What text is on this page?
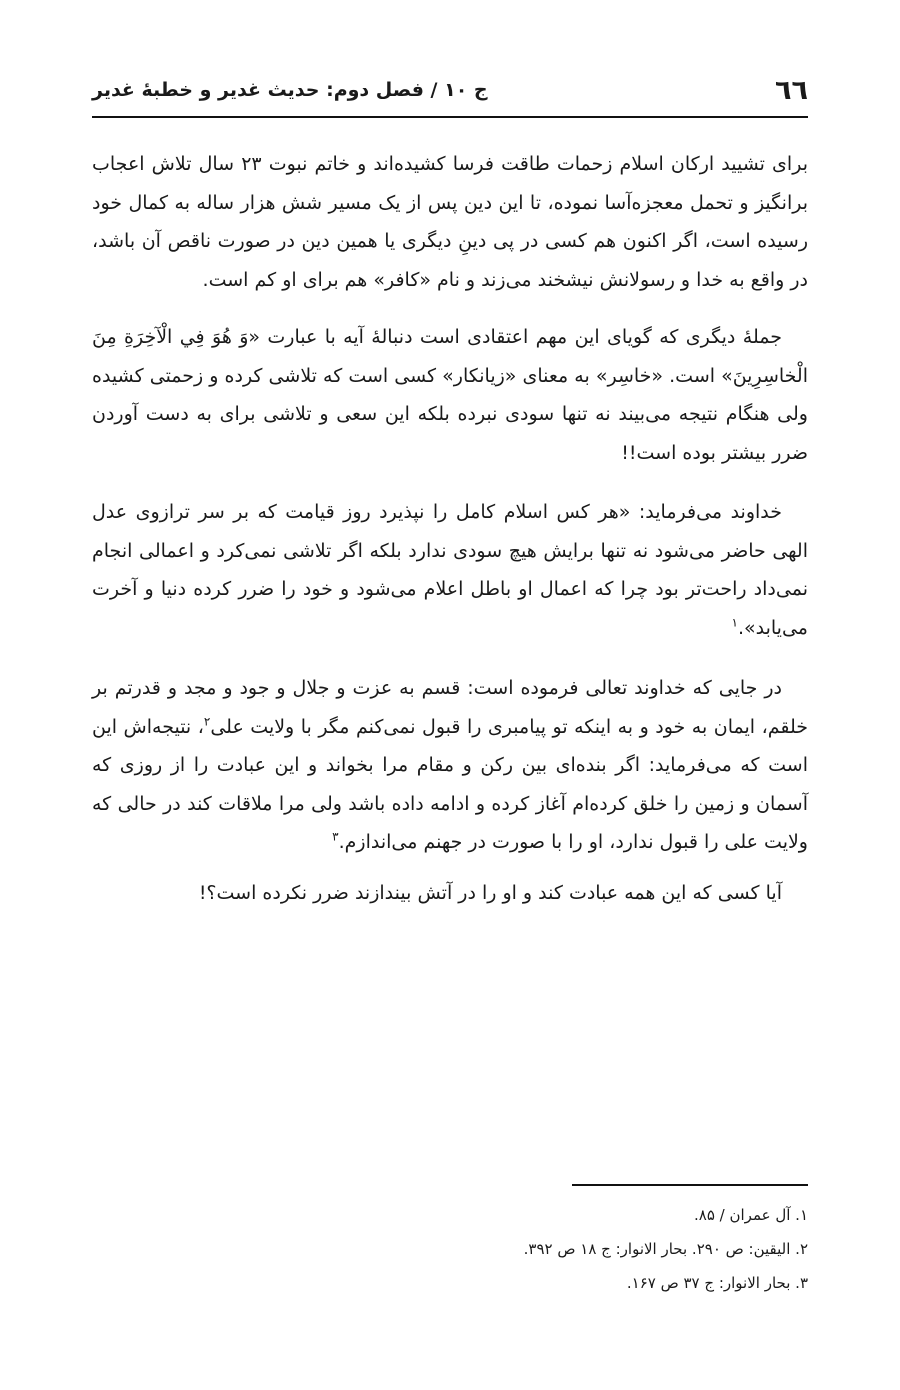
٦٦
ج ۱۰ / فصل دوم: حدیث غدیر و خطبهٔ غدیر

برای تشیید ارکان اسلام زحمات طاقت فرسا کشیده‌اند و خاتم نبوت ۲۳ سال تلاش اعجاب برانگیز و تحمل معجزه‌آسا نموده، تا این دین پس از یک مسیر شش هزار ساله به کمال خود رسیده است، اگر اکنون هم کسی در پی دینِ دیگری یا همین دین در صورت ناقص آن باشد، در واقع به خدا و رسولانش نیشخند می‌زند و نام «کافر» هم برای او کم است.

جملهٔ دیگری که گویای این مهم اعتقادی است دنبالهٔ آیه با عبارت «وَ هُوَ فِي الْآخِرَةِ مِنَ الْخاسِرِينَ» است. «خاسِر» به معنای «زیانکار» کسی است که تلاشی کرده و زحمتی کشیده ولی هنگام نتیجه می‌بیند نه تنها سودی نبرده بلکه این سعی و تلاشی برای به دست آوردن ضرر بیشتر بوده است!!

خداوند می‌فرماید: «هر کس اسلام کامل را نپذیرد روز قیامت که بر سر ترازوی عدل الهی حاضر می‌شود نه تنها برایش هیچ سودی ندارد بلکه اگر تلاشی نمی‌کرد و اعمالی انجام نمی‌داد راحت‌تر بود چرا که اعمال او باطل اعلام می‌شود و خود را ضرر کرده دنیا و آخرت می‌یابد».$^۱$

در جایی که خداوند تعالی فرموده است: قسم به عزت و جلال و جود و مجد و قدرتم بر خلقم، ایمان به خود و به اینکه تو پیامبری را قبول نمی‌کنم مگر با ولایت علی$^۲$، نتیجه‌اش این است که می‌فرماید: اگر بنده‌ای بین رکن و مقام مرا بخواند و این عبادت را از روزی که آسمان و زمین را خلق کرده‌ام آغاز کرده و ادامه داده باشد ولی مرا ملاقات کند در حالی که ولایت علی را قبول ندارد، او را با صورت در جهنم می‌اندازم.$^۳$

آیا کسی که این همه عبادت کند و او را در آتش بیندازند ضرر نکرده است؟!

۱. آل عمران / ۸۵.

۲. الیقین: ص ۲۹۰. بحار الانوار: ج ۱۸ ص ۳۹۲.

۳. بحار الانوار: ج ۳۷ ص ۱۶۷.
